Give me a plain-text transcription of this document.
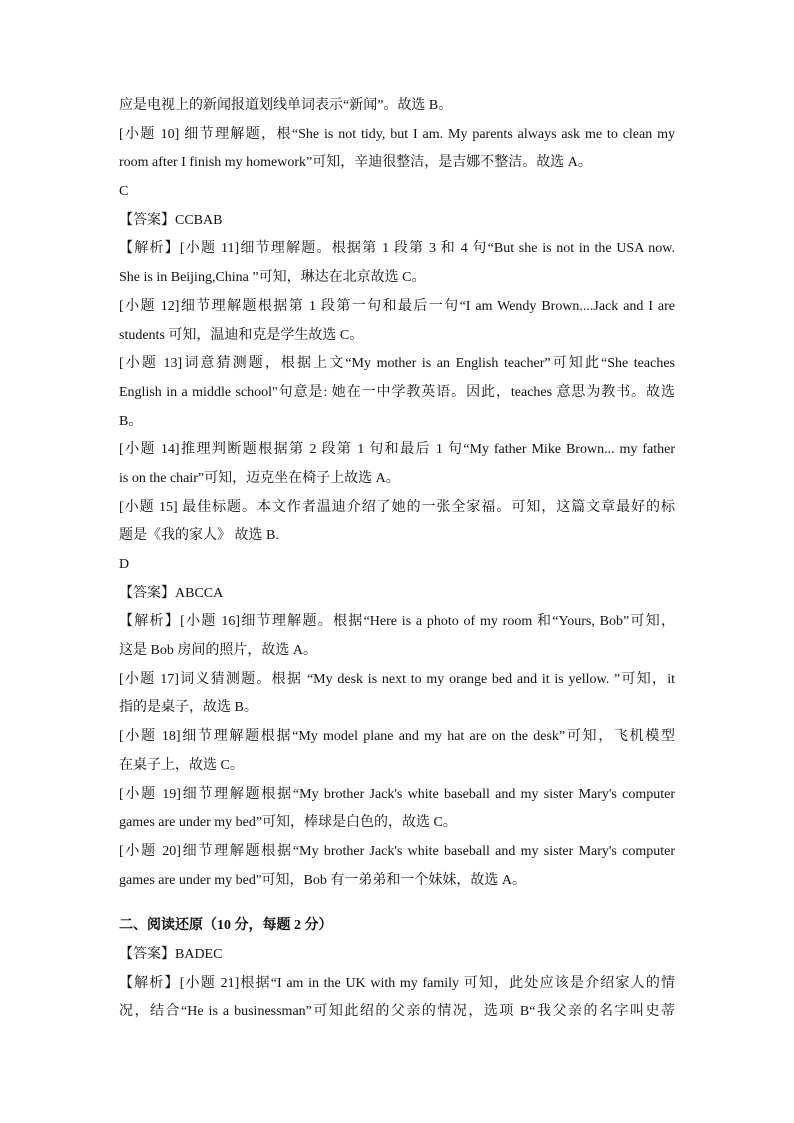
应是电视上的新闻报道划线单词表示“新闻”。故选 B。
[小题 10] 细节理解题，根“She is not tidy, but I am. My parents always ask me to clean my
room after I finish my homework”可知，辛迪很整洁，是吉娜不整洁。故选 A。
C
【答案】CCBAB
【解析】[小题 11]细节理解题。根据第 1 段第 3 和 4 句“But she is not in the USA now.
She is in Beijing,China ”可知，琳达在北京故选 C。
[小题 12]细节理解题根据第 1 段第一句和最后一句“I am Wendy Brown....Jack and I are
students 可知，温迪和克是学生故选 C。
[小题 13]词意猜测题，根据上文“My mother is an English teacher”可知此“She teaches
English in a middle school"句意是: 她在一中学教英语。因此，teaches 意思为教书。故选
B。
[小题 14]推理判断题根据第 2 段第 1 句和最后 1 句“My father Mike Brown... my father
is on the chair”可知，迈克坐在椅子上故选 A。
[小题 15] 最佳标题。本文作者温迪介绍了她的一张全家福。可知，这篇文章最好的标
题是《我的家人》 故选 B.
D
【答案】ABCCA
【解析】[小题 16]细节理解题。根据“Here is a photo of my room 和“Yours, Bob”可知，
这是 Bob 房间的照片，故选 A。
[小题 17]词义猜测题。根据 “My desk is next to my orange bed and it is yellow. ”可知，it
指的是桌子，故选 B。
[小题 18]细节理解题根据“My model plane and my hat are on the desk”可知，飞机模型
在桌子上，故选 C。
[小题 19]细节理解题根据“My brother Jack's white baseball and my sister Mary's computer
games are under my bed”可知，棒球是白色的，故选 C。
[小题 20]细节理解题根据“My brother Jack's white baseball and my sister Mary's computer
games are under my bed"可知，Bob 有一弟弟和一个妹妹，故选 A。
二、阅读还原（10 分，每题 2 分）
【答案】BADEC
【解析】[小题 21]根据“I am in the UK with my family 可知，此处应该是介绍家人的情
况，结合“He is a businessman”可知此绍的父亲的情况，选项 B“我父亲的名字叫史蒂
